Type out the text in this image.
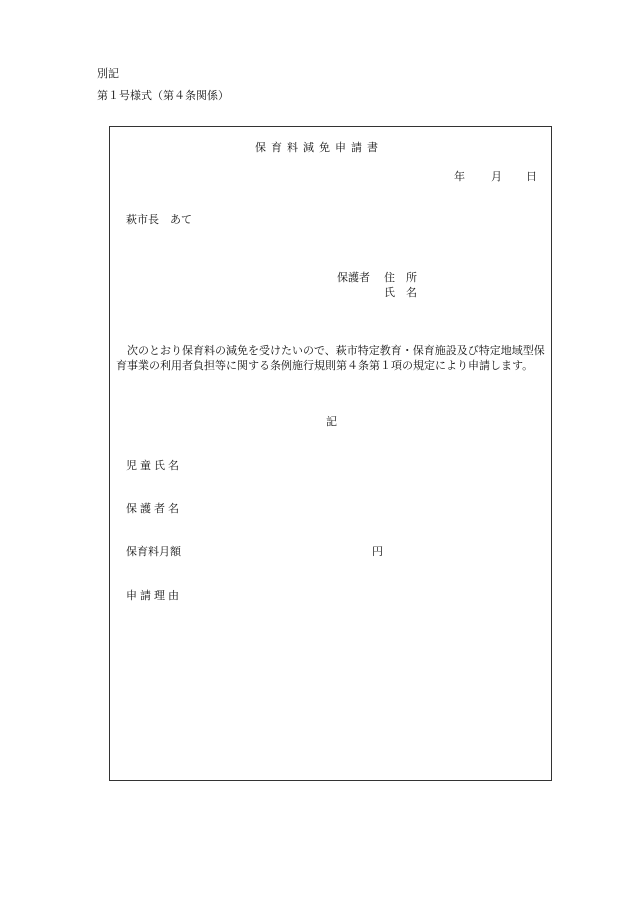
別記
第１号様式（第４条関係）
保育料減免申請書
年 月 日
萩市長　あて
保護者 住　所
氏　名
次のとおり保育料の減免を受けたいので、萩市特定教育・保育施設及び特定地域型保育事業の利用者負担等に関する条例施行規則第４条第１項の規定により申請します。
記
児童氏名
保護者名
保育料月額	円
申請理由
